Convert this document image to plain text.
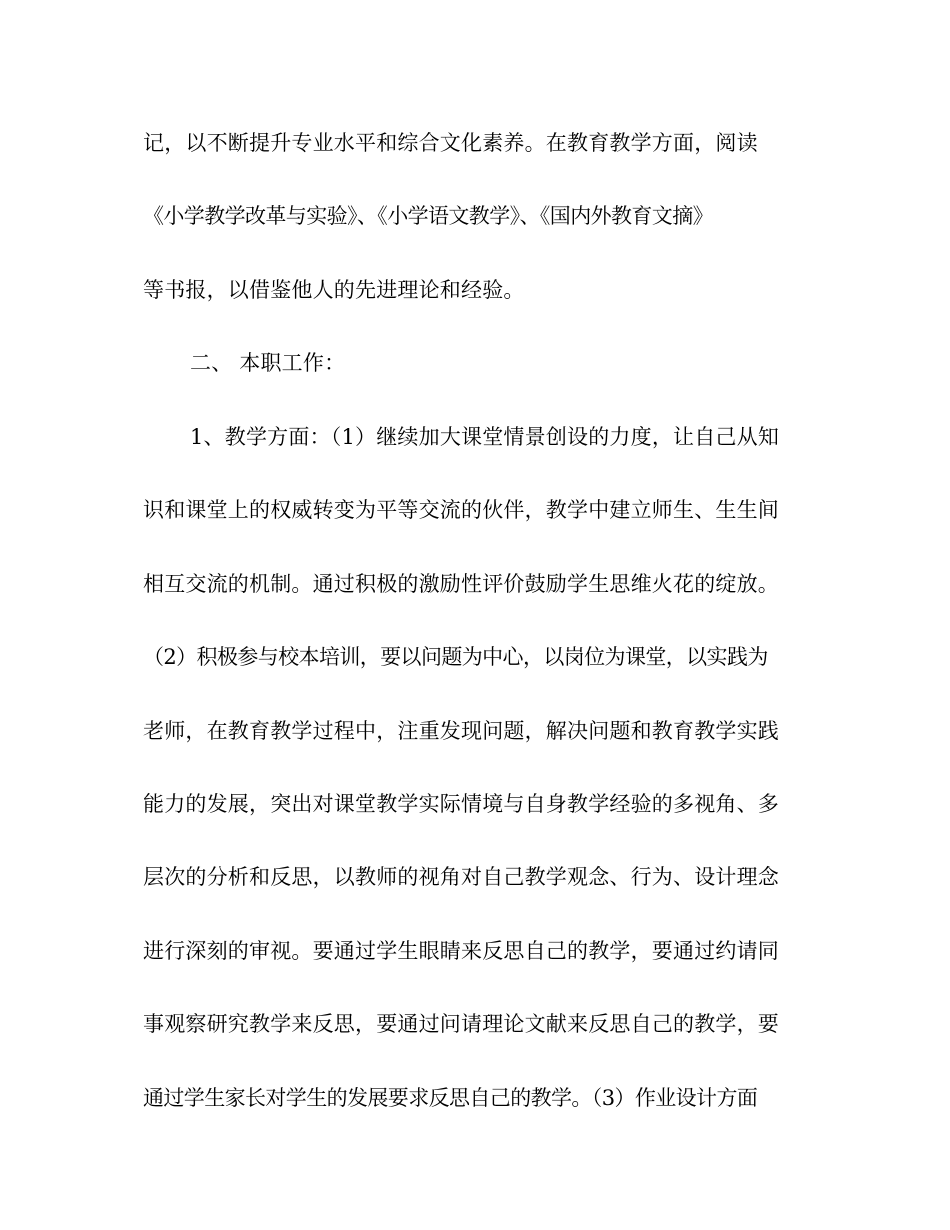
记，以不断提升专业水平和综合文化素养。在教育教学方面，阅读
《小学教学改革与实验》、《小学语文教学》、《国内外教育文摘》
等书报，以借鉴他人的先进理论和经验。
二、 本职工作：
1、教学方面：（1）继续加大课堂情景创设的力度，让自己从知
识和课堂上的权威转变为平等交流的伙伴，教学中建立师生、生生间
相互交流的机制。通过积极的激励性评价鼓励学生思维火花的绽放。
（2）积极参与校本培训，要以问题为中心，以岗位为课堂，以实践为
老师，在教育教学过程中，注重发现问题，解决问题和教育教学实践
能力的发展，突出对课堂教学实际情境与自身教学经验的多视角、多
层次的分析和反思，以教师的视角对自己教学观念、行为、设计理念
进行深刻的审视。要通过学生眼睛来反思自己的教学，要通过约请同
事观察研究教学来反思，要通过问请理论文献来反思自己的教学，要
通过学生家长对学生的发展要求反思自己的教学。（3）作业设计方面
